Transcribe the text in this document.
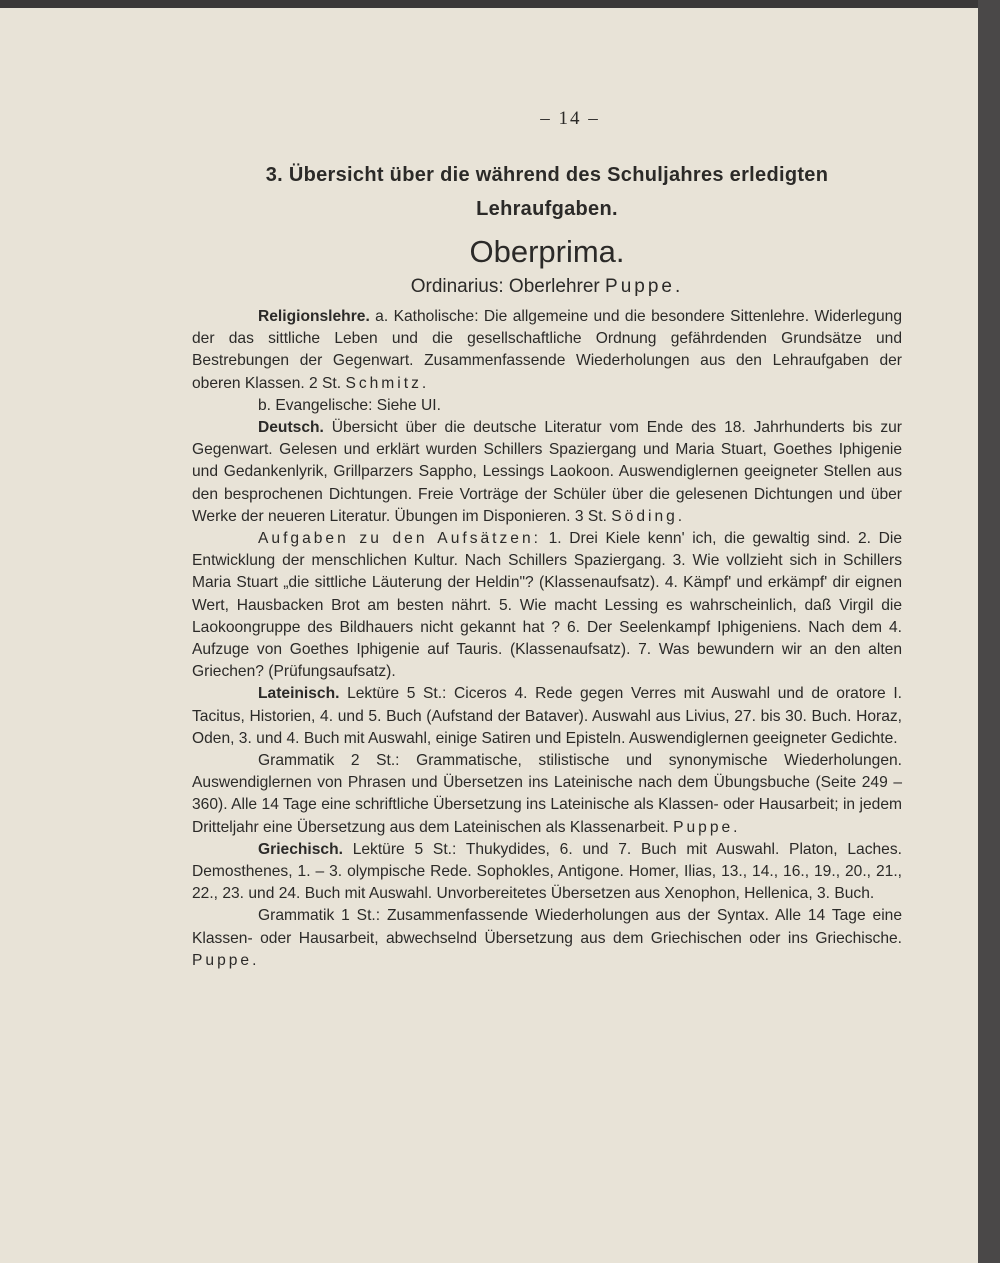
– 14 –
3. Übersicht über die während des Schuljahres erledigten
Lehraufgaben.
Oberprima.
Ordinarius: Oberlehrer Puppe.

Religionslehre. a. Katholische: Die allgemeine und die besondere Sittenlehre. Widerlegung der das sittliche Leben und die gesellschaftliche Ordnung gefährdenden Grundsätze und Bestrebungen der Gegenwart. Zusammenfassende Wiederholungen aus den Lehraufgaben der oberen Klassen. 2 St. Schmitz.

b. Evangelische: Siehe UI.

Deutsch. Übersicht über die deutsche Literatur vom Ende des 18. Jahrhunderts bis zur Gegenwart. Gelesen und erklärt wurden Schillers Spaziergang und Maria Stuart, Goethes Iphigenie und Gedankenlyrik, Grillparzers Sappho, Lessings Laokoon. Auswendiglernen geeigneter Stellen aus den besprochenen Dichtungen. Freie Vorträge der Schüler über die gelesenen Dichtungen und über Werke der neueren Literatur. Übungen im Disponieren. 3 St. Söding.

Aufgaben zu den Aufsätzen: 1. Drei Kiele kenn' ich, die gewaltig sind. 2. Die Entwicklung der menschlichen Kultur. Nach Schillers Spaziergang. 3. Wie vollzieht sich in Schillers Maria Stuart „die sittliche Läuterung der Heldin"? (Klassenaufsatz). 4. Kämpf' und erkämpf' dir eignen Wert, Hausbacken Brot am besten nährt. 5. Wie macht Lessing es wahrscheinlich, daß Virgil die Laokoongruppe des Bildhauers nicht gekannt hat ? 6. Der Seelenkampf Iphigeniens. Nach dem 4. Aufzuge von Goethes Iphigenie auf Tauris. (Klassenaufsatz). 7. Was bewundern wir an den alten Griechen? (Prüfungsaufsatz).

Lateinisch. Lektüre 5 St.: Ciceros 4. Rede gegen Verres mit Auswahl und de oratore I. Tacitus, Historien, 4. und 5. Buch (Aufstand der Bataver). Auswahl aus Livius, 27. bis 30. Buch. Horaz, Oden, 3. und 4. Buch mit Auswahl, einige Satiren und Episteln. Auswendiglernen geeigneter Gedichte.

Grammatik 2 St.: Grammatische, stilistische und synonymische Wiederholungen. Auswendiglernen von Phrasen und Übersetzen ins Lateinische nach dem Übungsbuche (Seite 249 – 360). Alle 14 Tage eine schriftliche Übersetzung ins Lateinische als Klassen- oder Hausarbeit; in jedem Dritteljahr eine Übersetzung aus dem Lateinischen als Klassenarbeit. Puppe.

Griechisch. Lektüre 5 St.: Thukydides, 6. und 7. Buch mit Auswahl. Platon, Laches. Demosthenes, 1. – 3. olympische Rede. Sophokles, Antigone. Homer, Ilias, 13., 14., 16., 19., 20., 21., 22., 23. und 24. Buch mit Auswahl. Unvorbereitetes Übersetzen aus Xenophon, Hellenica, 3. Buch.

Grammatik 1 St.: Zusammenfassende Wiederholungen aus der Syntax. Alle 14 Tage eine Klassen- oder Hausarbeit, abwechselnd Übersetzung aus dem Griechischen oder ins Griechische. Puppe.
